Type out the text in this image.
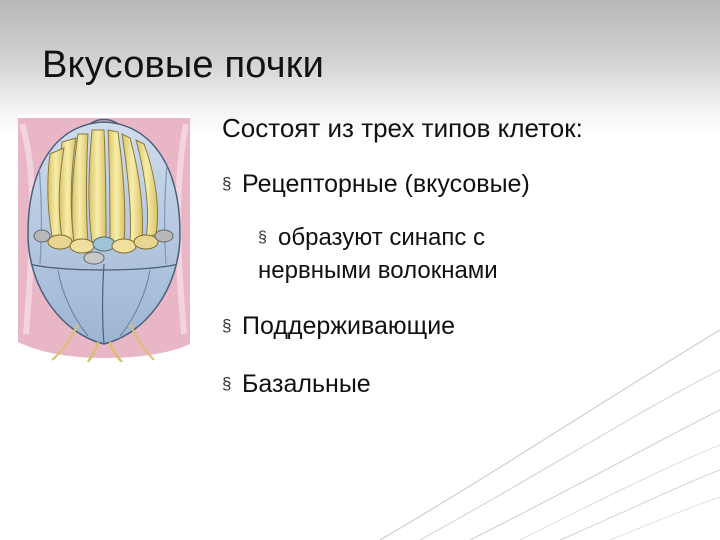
Вкусовые почки
Состоят из трех типов клеток:
§ Рецепторные (вкусовые)
§ образуют синапс с
нервными волокнами
§ Поддерживающие
§ Базальные
